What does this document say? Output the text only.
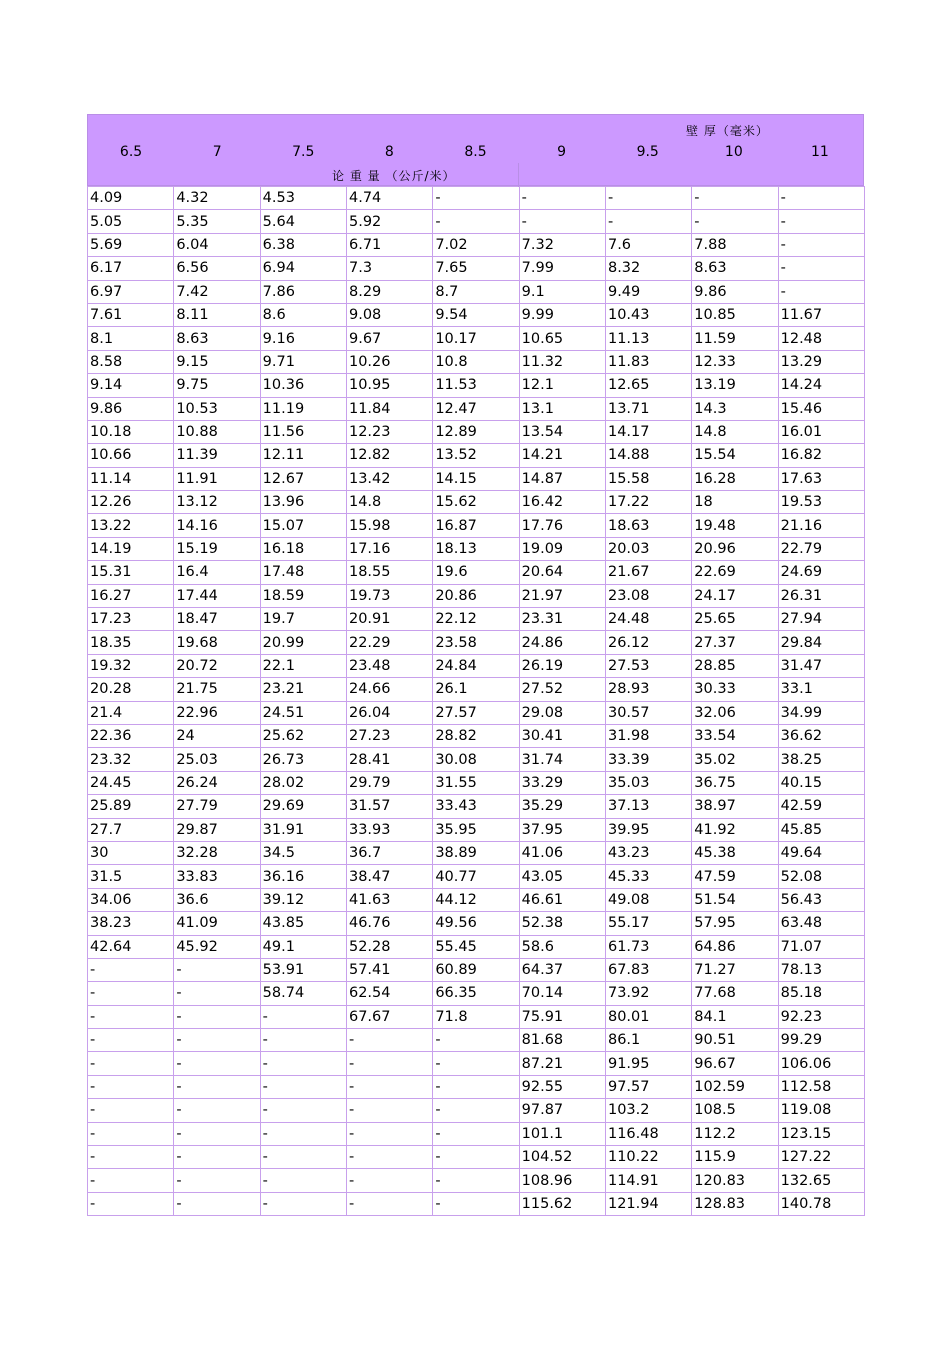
壁 厚（毫米）
6.5	7	7.5	8	8.5	9	9.5	10	11
论 重 量 （公斤/米）
4.09	4.32	4.53	4.74	-	-	-	-	-
5.05	5.35	5.64	5.92	-	-	-	-	-
5.69	6.04	6.38	6.71	7.02	7.32	7.6	7.88	-
6.17	6.56	6.94	7.3	7.65	7.99	8.32	8.63	-
6.97	7.42	7.86	8.29	8.7	9.1	9.49	9.86	-
7.61	8.11	8.6	9.08	9.54	9.99	10.43	10.85	11.67
8.1	8.63	9.16	9.67	10.17	10.65	11.13	11.59	12.48
8.58	9.15	9.71	10.26	10.8	11.32	11.83	12.33	13.29
9.14	9.75	10.36	10.95	11.53	12.1	12.65	13.19	14.24
9.86	10.53	11.19	11.84	12.47	13.1	13.71	14.3	15.46
10.18	10.88	11.56	12.23	12.89	13.54	14.17	14.8	16.01
10.66	11.39	12.11	12.82	13.52	14.21	14.88	15.54	16.82
11.14	11.91	12.67	13.42	14.15	14.87	15.58	16.28	17.63
12.26	13.12	13.96	14.8	15.62	16.42	17.22	18	19.53
13.22	14.16	15.07	15.98	16.87	17.76	18.63	19.48	21.16
14.19	15.19	16.18	17.16	18.13	19.09	20.03	20.96	22.79
15.31	16.4	17.48	18.55	19.6	20.64	21.67	22.69	24.69
16.27	17.44	18.59	19.73	20.86	21.97	23.08	24.17	26.31
17.23	18.47	19.7	20.91	22.12	23.31	24.48	25.65	27.94
18.35	19.68	20.99	22.29	23.58	24.86	26.12	27.37	29.84
19.32	20.72	22.1	23.48	24.84	26.19	27.53	28.85	31.47
20.28	21.75	23.21	24.66	26.1	27.52	28.93	30.33	33.1
21.4	22.96	24.51	26.04	27.57	29.08	30.57	32.06	34.99
22.36	24	25.62	27.23	28.82	30.41	31.98	33.54	36.62
23.32	25.03	26.73	28.41	30.08	31.74	33.39	35.02	38.25
24.45	26.24	28.02	29.79	31.55	33.29	35.03	36.75	40.15
25.89	27.79	29.69	31.57	33.43	35.29	37.13	38.97	42.59
27.7	29.87	31.91	33.93	35.95	37.95	39.95	41.92	45.85
30	32.28	34.5	36.7	38.89	41.06	43.23	45.38	49.64
31.5	33.83	36.16	38.47	40.77	43.05	45.33	47.59	52.08
34.06	36.6	39.12	41.63	44.12	46.61	49.08	51.54	56.43
38.23	41.09	43.85	46.76	49.56	52.38	55.17	57.95	63.48
42.64	45.92	49.1	52.28	55.45	58.6	61.73	64.86	71.07
-	-	53.91	57.41	60.89	64.37	67.83	71.27	78.13
-	-	58.74	62.54	66.35	70.14	73.92	77.68	85.18
-	-	-	67.67	71.8	75.91	80.01	84.1	92.23
-	-	-	-	-	81.68	86.1	90.51	99.29
-	-	-	-	-	87.21	91.95	96.67	106.06
-	-	-	-	-	92.55	97.57	102.59	112.58
-	-	-	-	-	97.87	103.2	108.5	119.08
-	-	-	-	-	101.1	116.48	112.2	123.15
-	-	-	-	-	104.52	110.22	115.9	127.22
-	-	-	-	-	108.96	114.91	120.83	132.65
-	-	-	-	-	115.62	121.94	128.83	140.78
